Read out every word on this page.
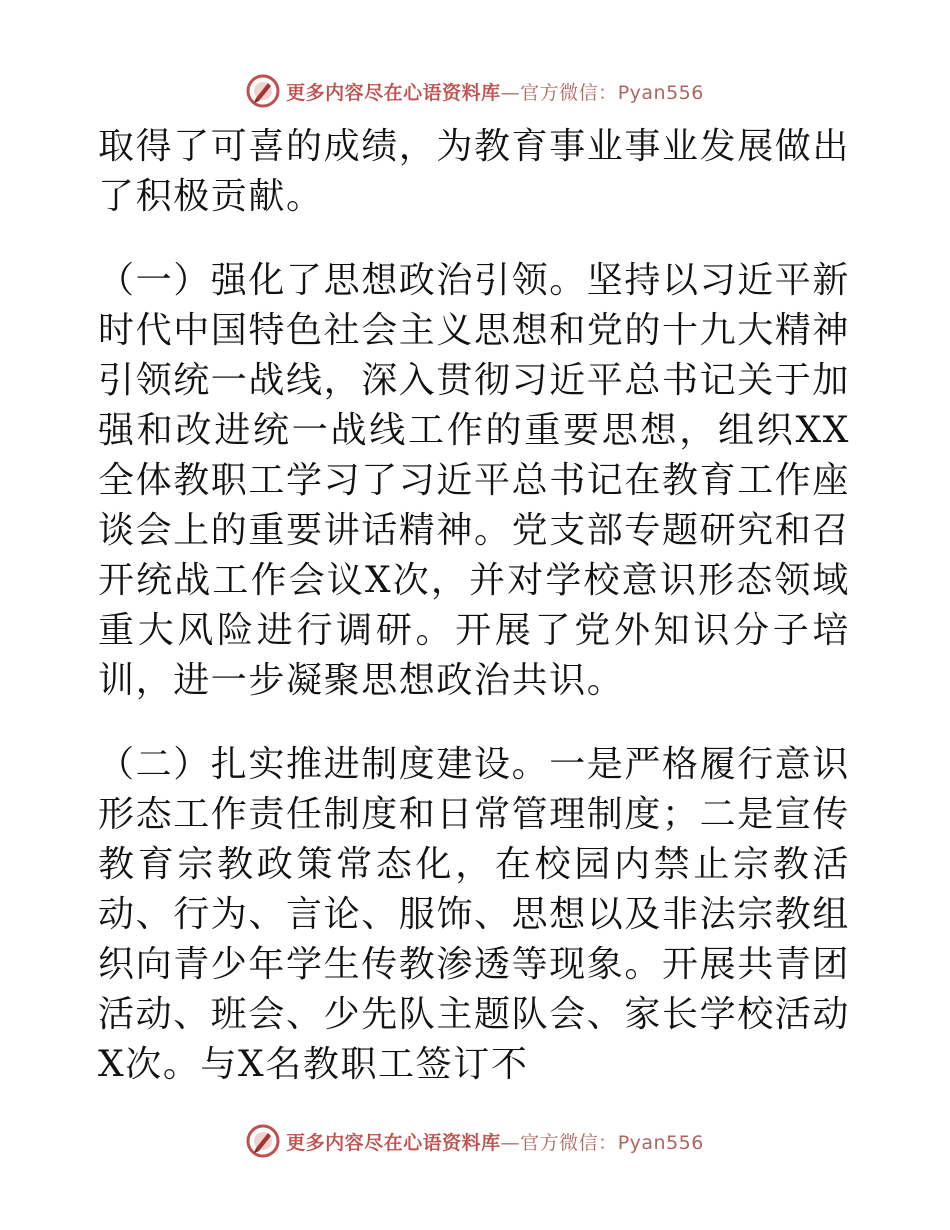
更多内容尽在心语资料库—官方微信：Pyan556

取得了可喜的成绩，为教育事业事业发展做出了积极贡献。

（一）强化了思想政治引领。坚持以习近平新时代中国特色社会主义思想和党的十九大精神引领统一战线，深入贯彻习近平总书记关于加强和改进统一战线工作的重要思想，组织XX全体教职工学习了习近平总书记在教育工作座谈会上的重要讲话精神。党支部专题研究和召开统战工作会议X次，并对学校意识形态领域重大风险进行调研。开展了党外知识分子培训，进一步凝聚思想政治共识。

（二）扎实推进制度建设。一是严格履行意识形态工作责任制度和日常管理制度；二是宣传教育宗教政策常态化，在校园内禁止宗教活动、行为、言论、服饰、思想以及非法宗教组织向青少年学生传教渗透等现象。开展共青团活动、班会、少先队主题队会、家长学校活动X次。与X名教职工签订不

更多内容尽在心语资料库—官方微信：Pyan556
